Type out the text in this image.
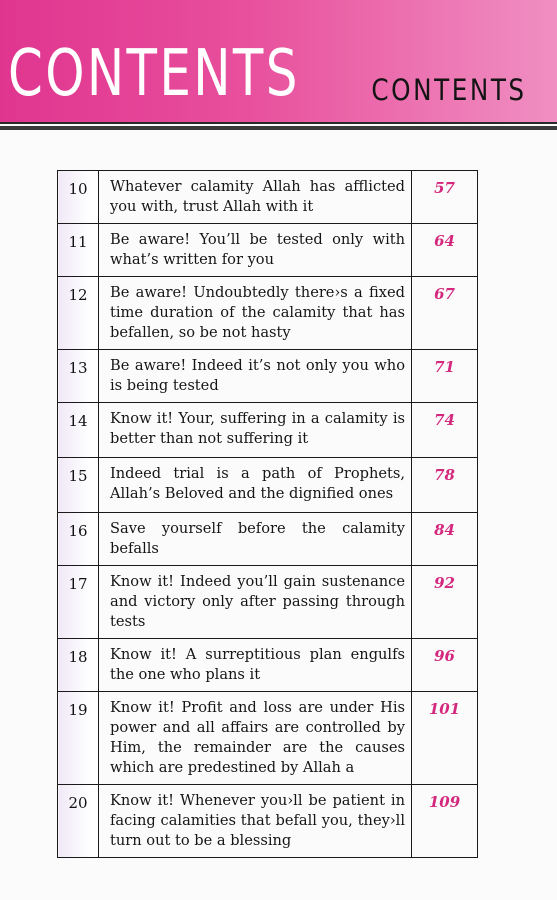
CONTENTS CONTENTS
10	Whatever calamity Allah has afflicted you with, trust Allah with it	57
11	Be aware! You’ll be tested only with what’s written for you	64
12	Be aware! Undoubtedly there›s a fixed time duration of the calamity that has befallen, so be not hasty	67
13	Be aware! Indeed it’s not only you who is being tested	71
14	Know it! Your, suffering in a calamity is better than not suffering it	74
15	Indeed trial is a path of Prophets, Allah’s Beloved and the dignified ones	78
16	Save yourself before the calamity befalls	84
17	Know it! Indeed you’ll gain sustenance and victory only after passing through tests	92
18	Know it! A surreptitious plan engulfs the one who plans it	96
19	Know it! Profit and loss are under His power and all affairs are controlled by Him, the remainder are the causes which are predestined by Allah a	101
20	Know it! Whenever you›ll be patient in facing calamities that befall you, they›ll turn out to be a blessing	109
